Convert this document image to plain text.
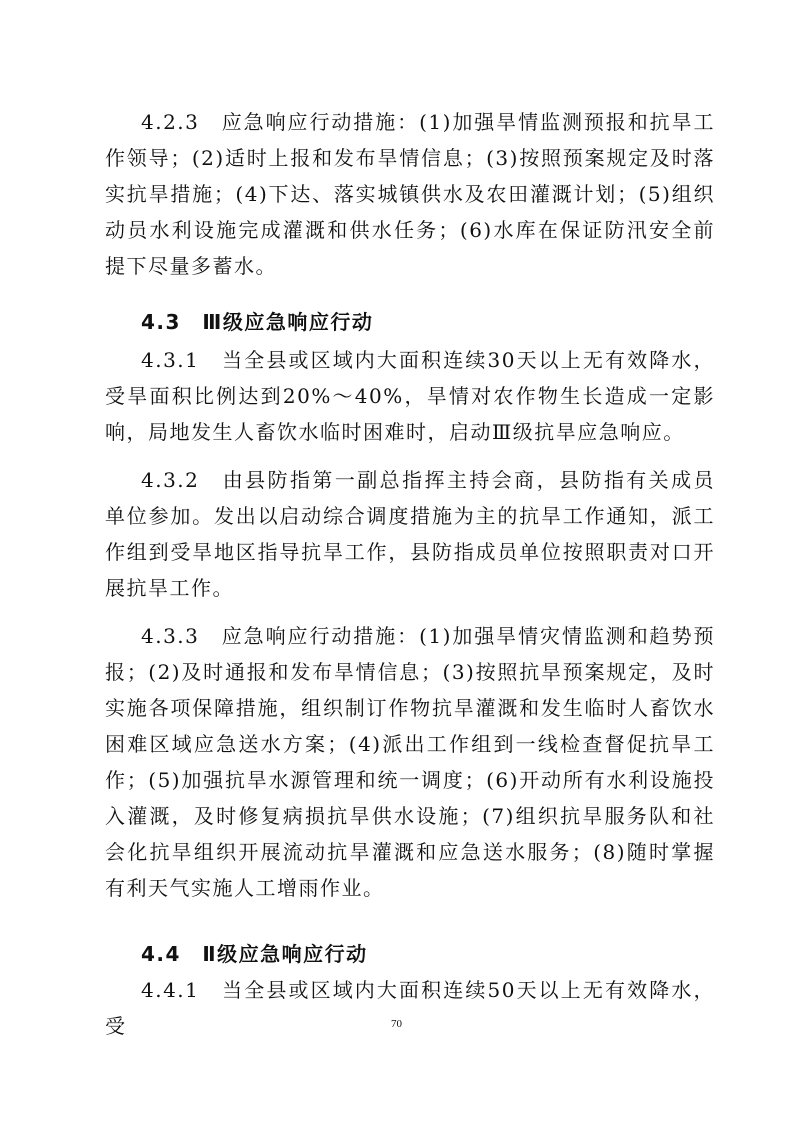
4.2.3　应急响应行动措施：(1)加强旱情监测预报和抗旱工作领导；(2)适时上报和发布旱情信息；(3)按照预案规定及时落实抗旱措施；(4)下达、落实城镇供水及农田灌溉计划；(5)组织动员水利设施完成灌溉和供水任务；(6)水库在保证防汛安全前提下尽量多蓄水。

4.3　Ⅲ级应急响应行动

4.3.1　当全县或区域内大面积连续30天以上无有效降水，受旱面积比例达到20%～40%，旱情对农作物生长造成一定影响，局地发生人畜饮水临时困难时，启动Ⅲ级抗旱应急响应。

4.3.2　由县防指第一副总指挥主持会商，县防指有关成员单位参加。发出以启动综合调度措施为主的抗旱工作通知，派工作组到受旱地区指导抗旱工作，县防指成员单位按照职责对口开展抗旱工作。

4.3.3　应急响应行动措施：(1)加强旱情灾情监测和趋势预报；(2)及时通报和发布旱情信息；(3)按照抗旱预案规定，及时实施各项保障措施，组织制订作物抗旱灌溉和发生临时人畜饮水困难区域应急送水方案；(4)派出工作组到一线检查督促抗旱工作；(5)加强抗旱水源管理和统一调度；(6)开动所有水利设施投入灌溉，及时修复病损抗旱供水设施；(7)组织抗旱服务队和社会化抗旱组织开展流动抗旱灌溉和应急送水服务；(8)随时掌握有利天气实施人工增雨作业。

4.4　Ⅱ级应急响应行动

4.4.1　当全县或区域内大面积连续50天以上无有效降水，受	70
